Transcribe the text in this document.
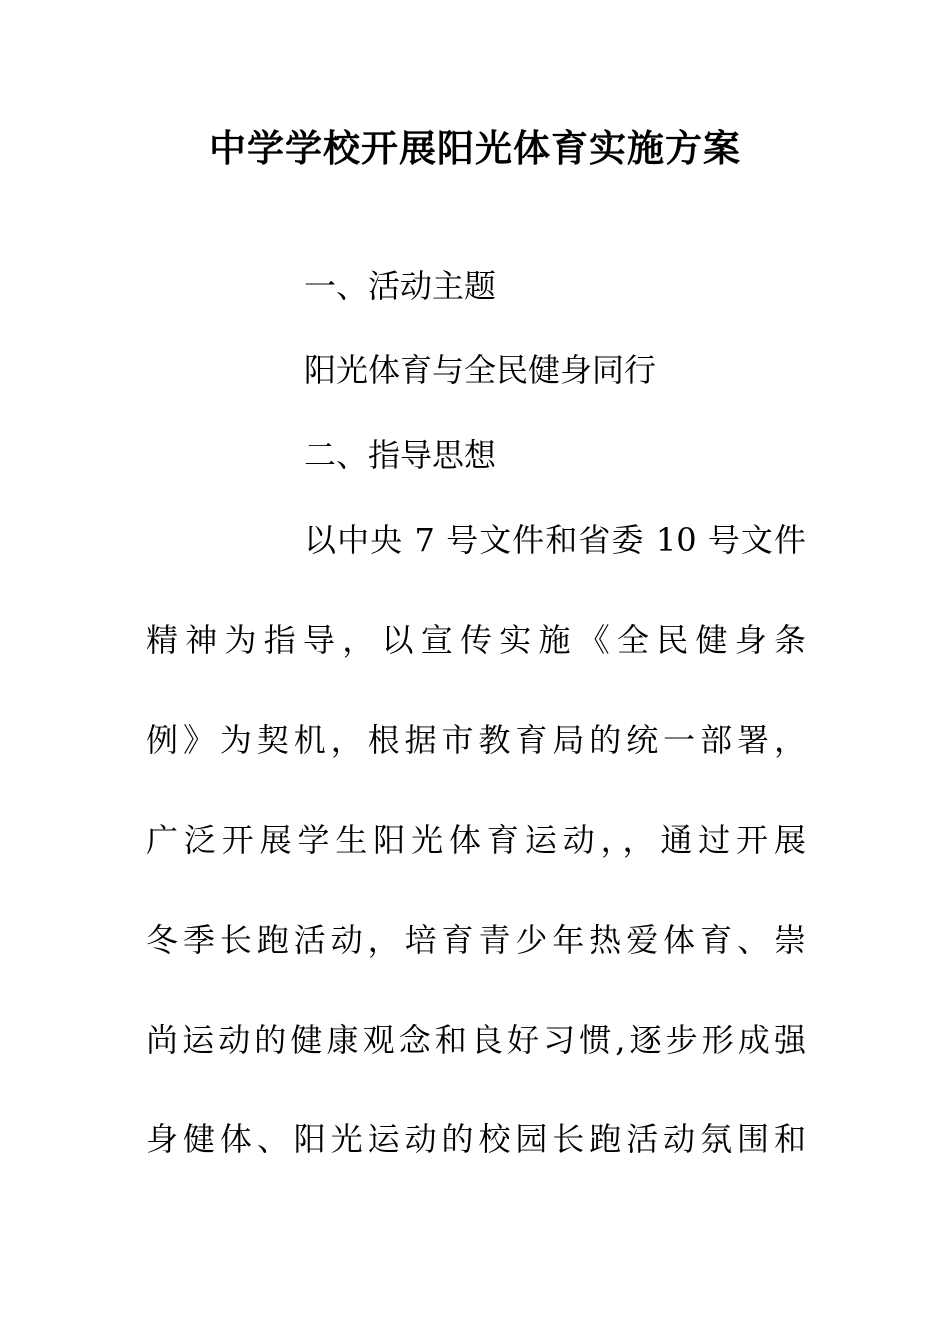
中学学校开展阳光体育实施方案

一、活动主题

阳光体育与全民健身同行

二、指导思想

以中央 7 号文件和省委 10 号文件

精神为指导，以宣传实施《全民健身条

例》为契机，根据市教育局的统一部署，

广泛开展学生阳光体育运动，，通过开展

冬季长跑活动，培育青少年热爱体育、崇

尚运动的健康观念和良好习惯,逐步形成强

身健体、阳光运动的校园长跑活动氛围和
